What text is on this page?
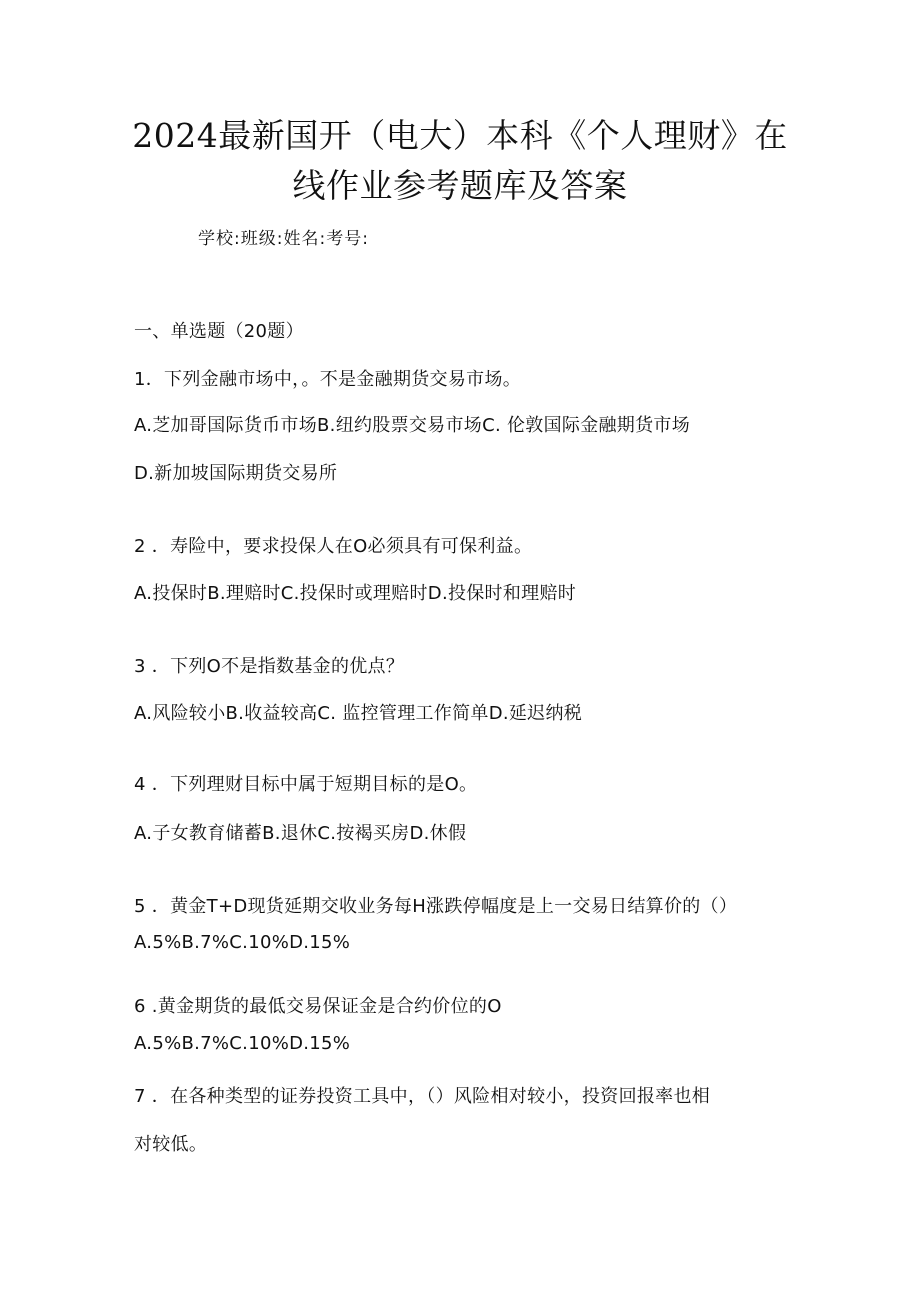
2024最新国开（电大）本科《个人理财》在
线作业参考题库及答案
学校:班级:姓名:考号:
一、单选题（20题）
1．下列金融市场中，。不是金融期货交易市场。
A.芝加哥国际货币市场B.纽约股票交易市场C. 伦敦国际金融期货市场
D.新加坡国际期货交易所
2 ．寿险中，要求投保人在O必须具有可保利益。
A.投保时B.理赔时C.投保时或理赔时D.投保时和理赔时
3 ．下列O不是指数基金的优点？
A.风险较小B.收益较高C. 监控管理工作简单D.延迟纳税
4 ．下列理财目标中属于短期目标的是O。
A.子女教育储蓄B.退休C.按褐买房D.休假
5 ．黄金T+D现货延期交收业务每H涨跌停幅度是上一交易日结算价的（）
A.5%B.7%C.10%D.15%
6 .黄金期货的最低交易保证金是合约价位的O
A.5%B.7%C.10%D.15%
7 ．在各种类型的证券投资工具中，（）风险相对较小，投资回报率也相
对较低。
